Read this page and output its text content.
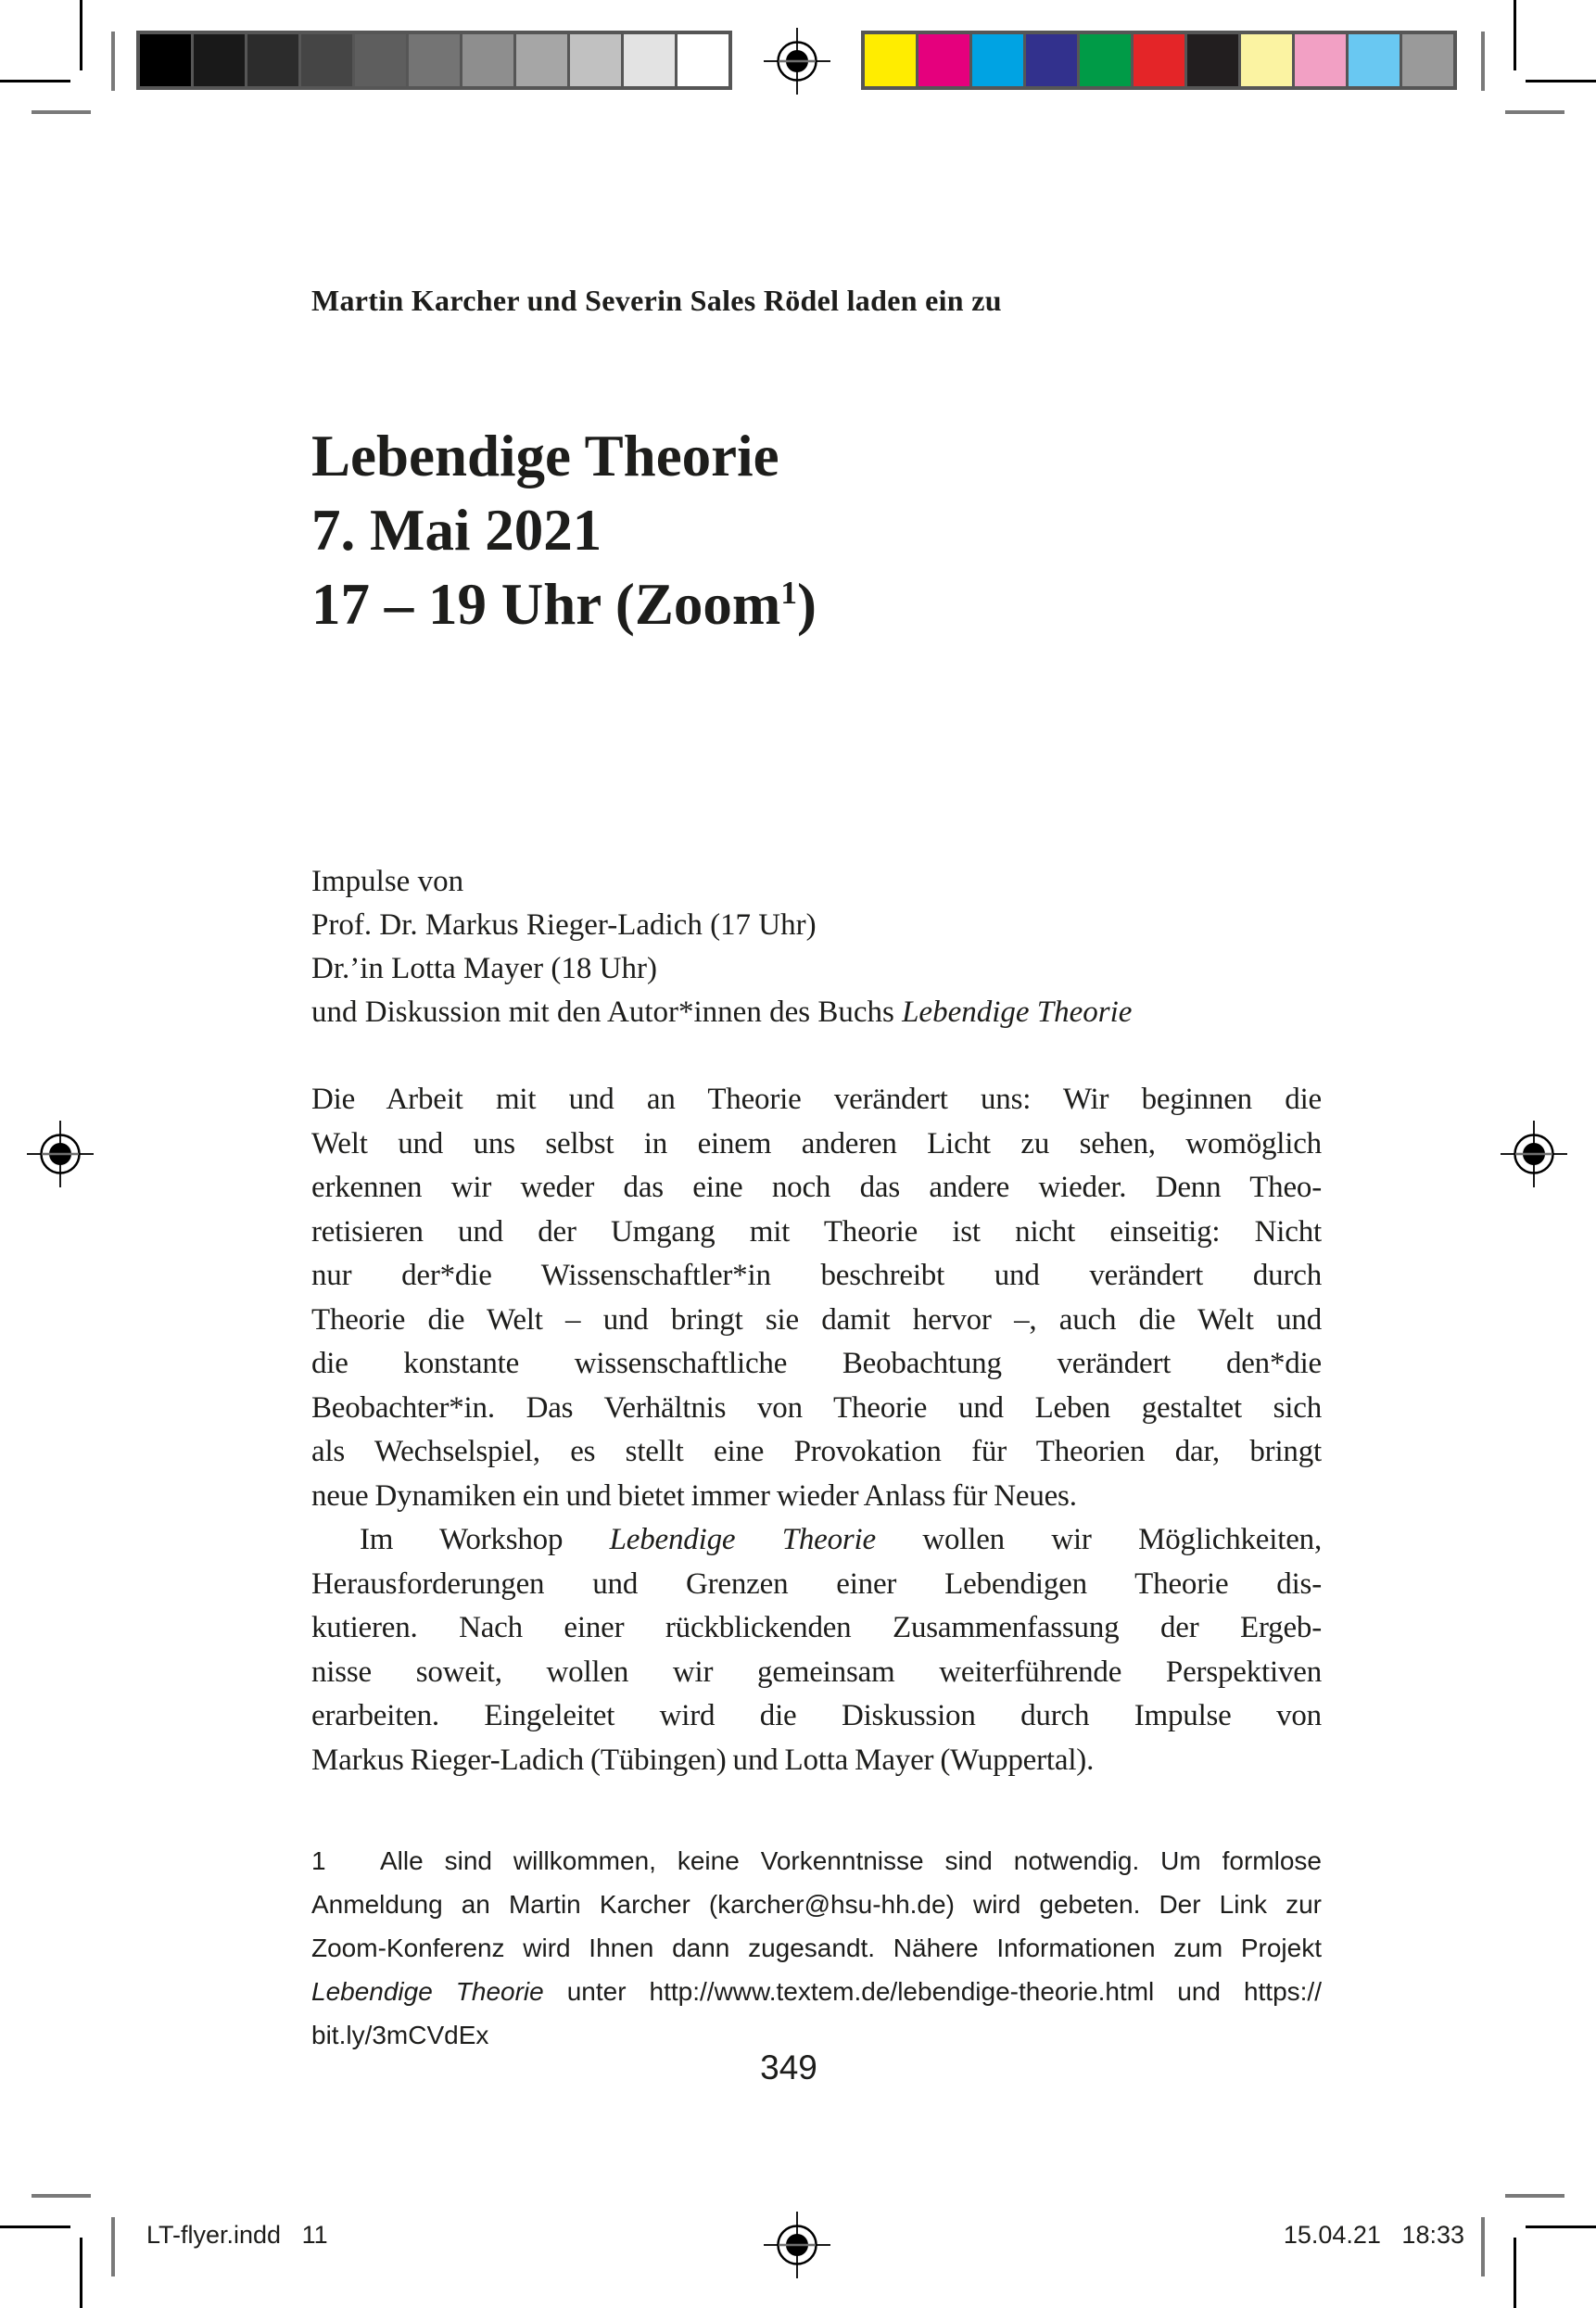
Martin Karcher und Severin Sales Rödel laden ein zu
Lebendige Theorie
7. Mai 2021
17 – 19 Uhr (Zoom$^1$)
Impulse von
Prof. Dr. Markus Rieger-Ladich (17 Uhr)
Dr.’in Lotta Mayer (18 Uhr)
und Diskussion mit den Autor*innen des Buchs Lebendige Theorie
Die Arbeit mit und an Theorie verändert uns: Wir beginnen die
Welt und uns selbst in einem anderen Licht zu sehen, womöglich
erkennen wir weder das eine noch das andere wieder. Denn Theo-
retisieren und der Umgang mit Theorie ist nicht einseitig: Nicht
nur der*die Wissenschaftler*in beschreibt und verändert durch
Theorie die Welt – und bringt sie damit hervor –, auch die Welt und
die konstante wissenschaftliche Beobachtung verändert den*die
Beobachter*in. Das Verhältnis von Theorie und Leben gestaltet sich
als Wechselspiel, es stellt eine Provokation für Theorien dar, bringt
neue Dynamiken ein und bietet immer wieder Anlass für Neues.
Im Workshop Lebendige Theorie wollen wir Möglichkeiten,
Herausforderungen und Grenzen einer Lebendigen Theorie dis-
kutieren. Nach einer rückblickenden Zusammenfassung der Ergeb-
nisse soweit, wollen wir gemeinsam weiterführende Perspektiven
erarbeiten. Eingeleitet wird die Diskussion durch Impulse von
Markus Rieger-Ladich (Tübingen) und Lotta Mayer (Wuppertal).
1 Alle sind willkommen, keine Vorkenntnisse sind notwendig. Um formlose
Anmeldung an Martin Karcher (karcher@hsu-hh.de) wird gebeten. Der Link zur
Zoom-Konferenz wird Ihnen dann zugesandt. Nähere Informationen zum Projekt
Lebendige Theorie unter http://www.textem.de/lebendige-theorie.html und https://
bit.ly/3mCVdEx
349
LT-flyer.indd   11	15.04.21   18:33
